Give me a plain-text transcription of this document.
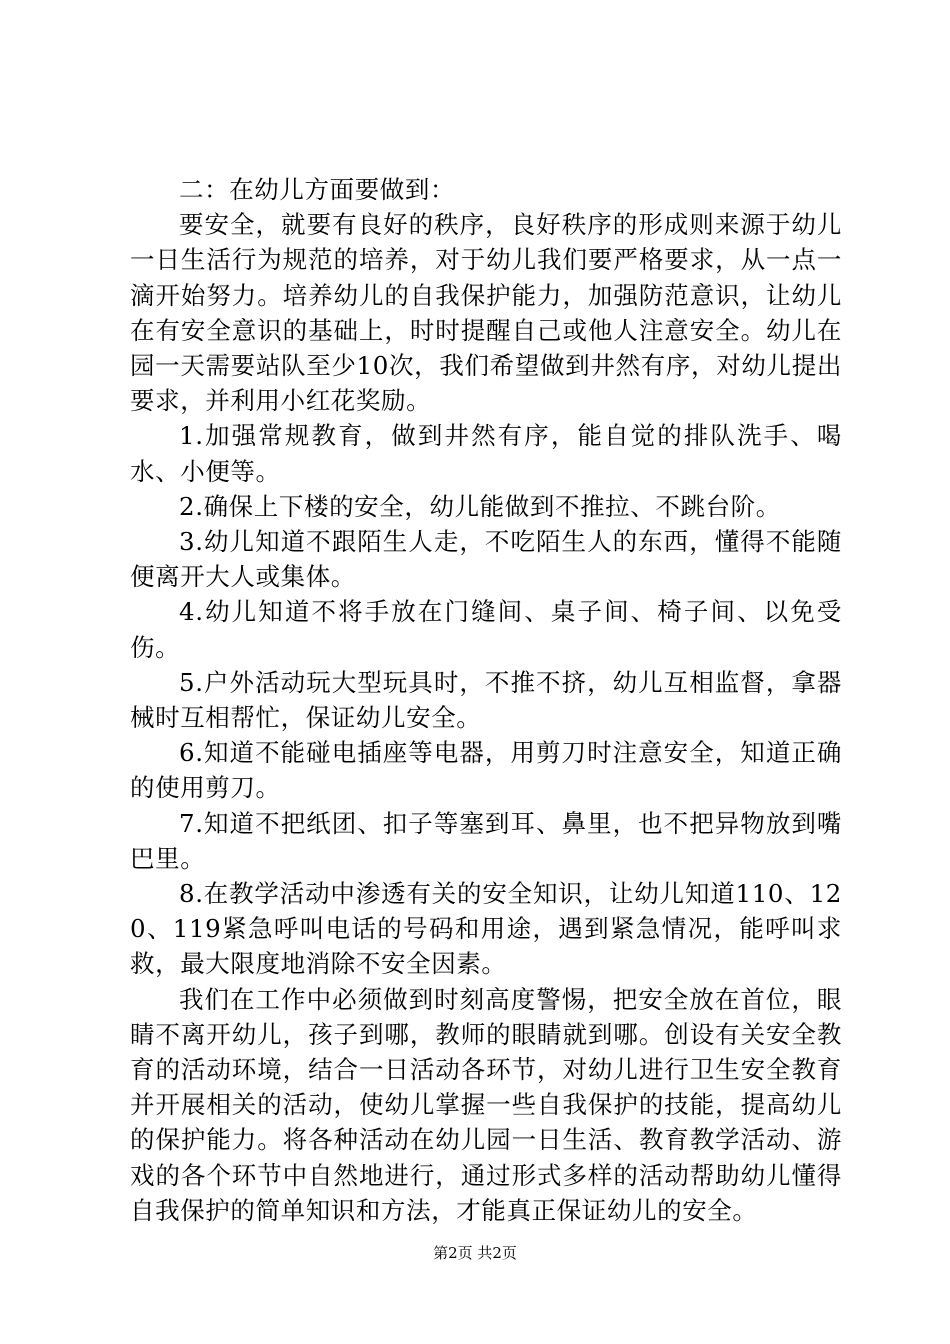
二：在幼儿方面要做到：

要安全，就要有良好的秩序，良好秩序的形成则来源于幼儿一日生活行为规范的培养，对于幼儿我们要严格要求，从一点一滴开始努力。培养幼儿的自我保护能力，加强防范意识，让幼儿在有安全意识的基础上，时时提醒自己或他人注意安全。幼儿在园一天需要站队至少10次，我们希望做到井然有序，对幼儿提出要求，并利用小红花奖励。

1.加强常规教育，做到井然有序，能自觉的排队洗手、喝水、小便等。

2.确保上下楼的安全，幼儿能做到不推拉、不跳台阶。

3.幼儿知道不跟陌生人走，不吃陌生人的东西，懂得不能随便离开大人或集体。

4.幼儿知道不将手放在门缝间、桌子间、椅子间、以免受伤。

5.户外活动玩大型玩具时，不推不挤，幼儿互相监督，拿器械时互相帮忙，保证幼儿安全。

6.知道不能碰电插座等电器，用剪刀时注意安全，知道正确的使用剪刀。

7.知道不把纸团、扣子等塞到耳、鼻里，也不把异物放到嘴巴里。

8.在教学活动中渗透有关的安全知识，让幼儿知道110、120、119紧急呼叫电话的号码和用途，遇到紧急情况，能呼叫求救，最大限度地消除不安全因素。

我们在工作中必须做到时刻高度警惕，把安全放在首位，眼睛不离开幼儿，孩子到哪，教师的眼睛就到哪。创设有关安全教育的活动环境，结合一日活动各环节，对幼儿进行卫生安全教育并开展相关的活动，使幼儿掌握一些自我保护的技能，提高幼儿的保护能力。将各种活动在幼儿园一日生活、教育教学活动、游戏的各个环节中自然地进行，通过形式多样的活动帮助幼儿懂得自我保护的简单知识和方法，才能真正保证幼儿的安全。

第2页 共2页
